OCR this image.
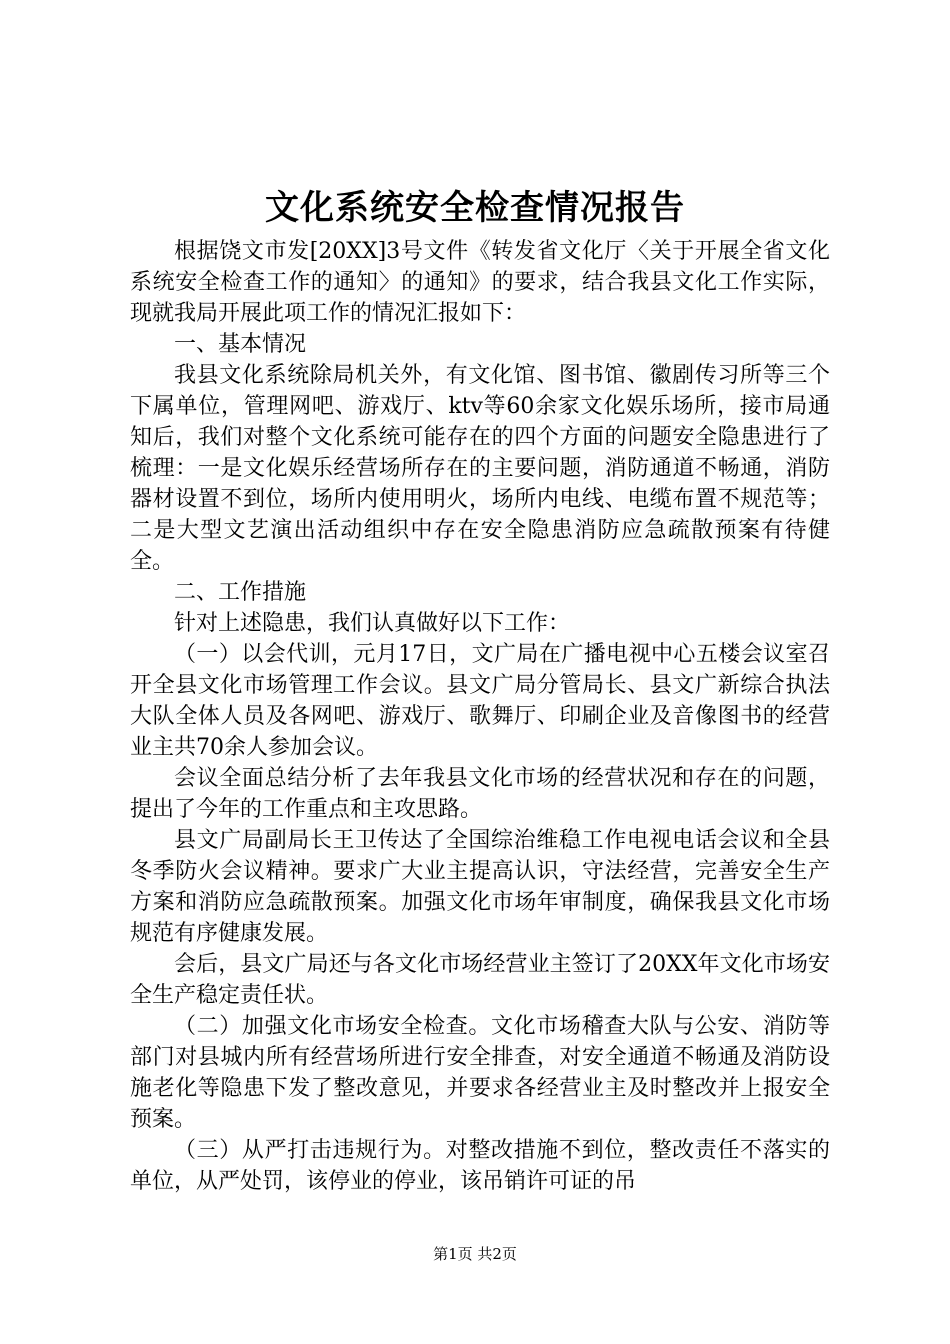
文化系统安全检查情况报告

根据饶文市发[20XX]3号文件《转发省文化厅〈关于开展全省文化系统安全检查工作的通知〉的通知》的要求，结合我县文化工作实际，现就我局开展此项工作的情况汇报如下：

一、基本情况

我县文化系统除局机关外，有文化馆、图书馆、徽剧传习所等三个下属单位，管理网吧、游戏厅、ktv等60余家文化娱乐场所，接市局通知后，我们对整个文化系统可能存在的四个方面的问题安全隐患进行了梳理：一是文化娱乐经营场所存在的主要问题，消防通道不畅通，消防器材设置不到位，场所内使用明火，场所内电线、电缆布置不规范等；二是大型文艺演出活动组织中存在安全隐患消防应急疏散预案有待健全。

二、工作措施

针对上述隐患，我们认真做好以下工作：

（一）以会代训，元月17日，文广局在广播电视中心五楼会议室召开全县文化市场管理工作会议。县文广局分管局长、县文广新综合执法大队全体人员及各网吧、游戏厅、歌舞厅、印刷企业及音像图书的经营业主共70余人参加会议。

会议全面总结分析了去年我县文化市场的经营状况和存在的问题，提出了今年的工作重点和主攻思路。

县文广局副局长王卫传达了全国综治维稳工作电视电话会议和全县冬季防火会议精神。要求广大业主提高认识，守法经营，完善安全生产方案和消防应急疏散预案。加强文化市场年审制度，确保我县文化市场规范有序健康发展。

会后，县文广局还与各文化市场经营业主签订了20XX年文化市场安全生产稳定责任状。

（二）加强文化市场安全检查。文化市场稽查大队与公安、消防等部门对县城内所有经营场所进行安全排查，对安全通道不畅通及消防设施老化等隐患下发了整改意见，并要求各经营业主及时整改并上报安全预案。

（三）从严打击违规行为。对整改措施不到位，整改责任不落实的单位，从严处罚，该停业的停业，该吊销许可证的吊

第1页 共2页
